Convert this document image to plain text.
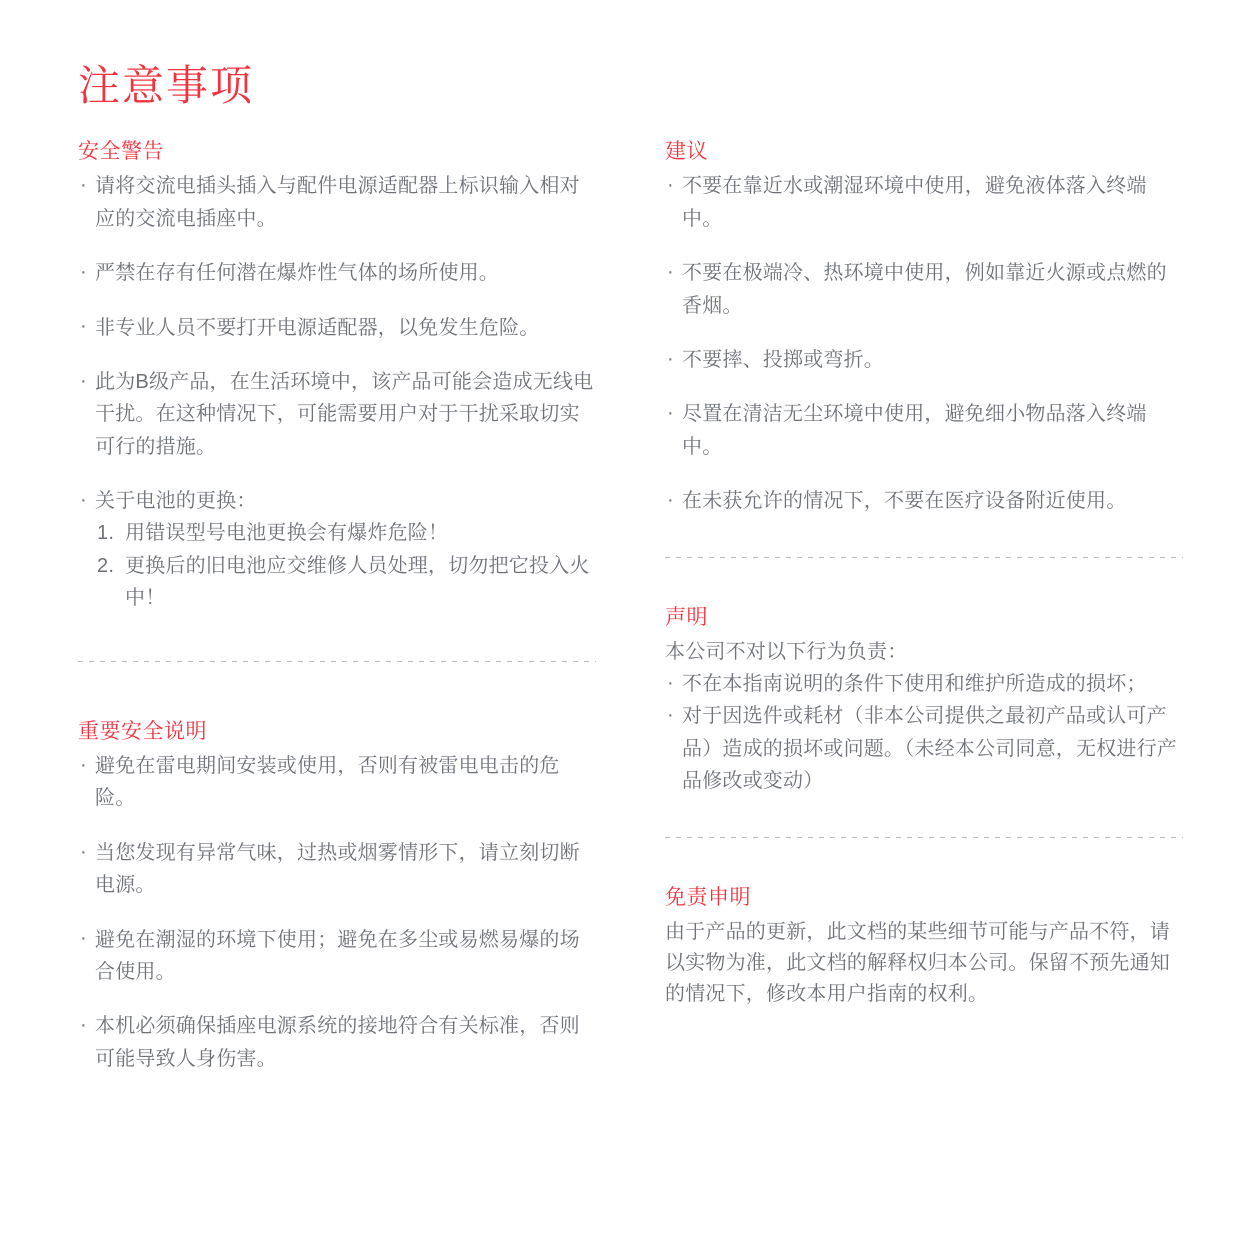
注意事项
安全警告
· 请将交流电插头插入与配件电源适配器上标识输入相对应的交流电插座中。
· 严禁在存有任何潜在爆炸性气体的场所使用。
· 非专业人员不要打开电源适配器，以免发生危险。
· 此为B级产品，在生活环境中，该产品可能会造成无线电干扰。在这种情况下，可能需要用户对于干扰采取切实可行的措施。
· 关于电池的更换：
1. 用错误型号电池更换会有爆炸危险！
2. 更换后的旧电池应交维修人员处理，切勿把它投入火中！
重要安全说明
· 避免在雷电期间安装或使用，否则有被雷电电击的危险。
· 当您发现有异常气味，过热或烟雾情形下，请立刻切断电源。
· 避免在潮湿的环境下使用；避免在多尘或易燃易爆的场合使用。
· 本机必须确保插座电源系统的接地符合有关标准，否则可能导致人身伤害。
建议
· 不要在靠近水或潮湿环境中使用，避免液体落入终端中。
· 不要在极端冷、热环境中使用，例如靠近火源或点燃的香烟。
· 不要摔、投掷或弯折。
· 尽置在清洁无尘环境中使用，避免细小物品落入终端中。
· 在未获允许的情况下，不要在医疗设备附近使用。
声明
本公司不对以下行为负责：
· 不在本指南说明的条件下使用和维护所造成的损坏；
· 对于因选件或耗材（非本公司提供之最初产品或认可产品）造成的损坏或问题。（未经本公司同意，无权进行产品修改或变动）
免责申明
由于产品的更新，此文档的某些细节可能与产品不符，请以实物为准，此文档的解释权归本公司。保留不预先通知的情况下，修改本用户指南的权利。
